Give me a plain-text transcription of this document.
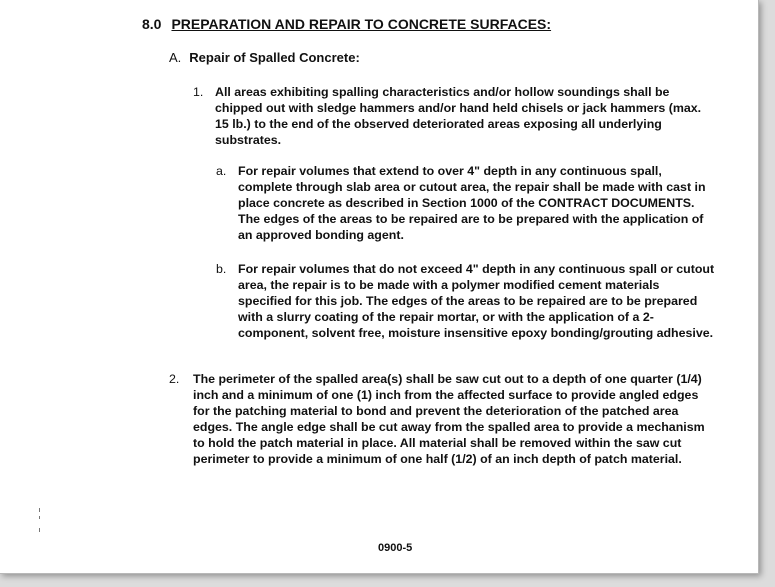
8.0 PREPARATION AND REPAIR TO CONCRETE SURFACES:
A. Repair of Spalled Concrete:
1. All areas exhibiting spalling characteristics and/or hollow soundings shall be chipped out with sledge hammers and/or hand held chisels or jack hammers (max. 15 lb.) to the end of the observed deteriorated areas exposing all underlying substrates.
a. For repair volumes that extend to over 4" depth in any continuous spall, complete through slab area or cutout area, the repair shall be made with cast in place concrete as described in Section 1000 of the CONTRACT DOCUMENTS. The edges of the areas to be repaired are to be prepared with the application of an approved bonding agent.
b. For repair volumes that do not exceed 4" depth in any continuous spall or cutout area, the repair is to be made with a polymer modified cement materials specified for this job. The edges of the areas to be repaired are to be prepared with a slurry coating of the repair mortar, or with the application of a 2-component, solvent free, moisture insensitive epoxy bonding/grouting adhesive.
2. The perimeter of the spalled area(s) shall be saw cut out to a depth of one quarter (1/4) inch and a minimum of one (1) inch from the affected surface to provide angled edges for the patching material to bond and prevent the deterioration of the patched area edges. The angle edge shall be cut away from the spalled area to provide a mechanism to hold the patch material in place. All material shall be removed within the saw cut perimeter to provide a minimum of one half (1/2) of an inch depth of patch material.
0900-5
